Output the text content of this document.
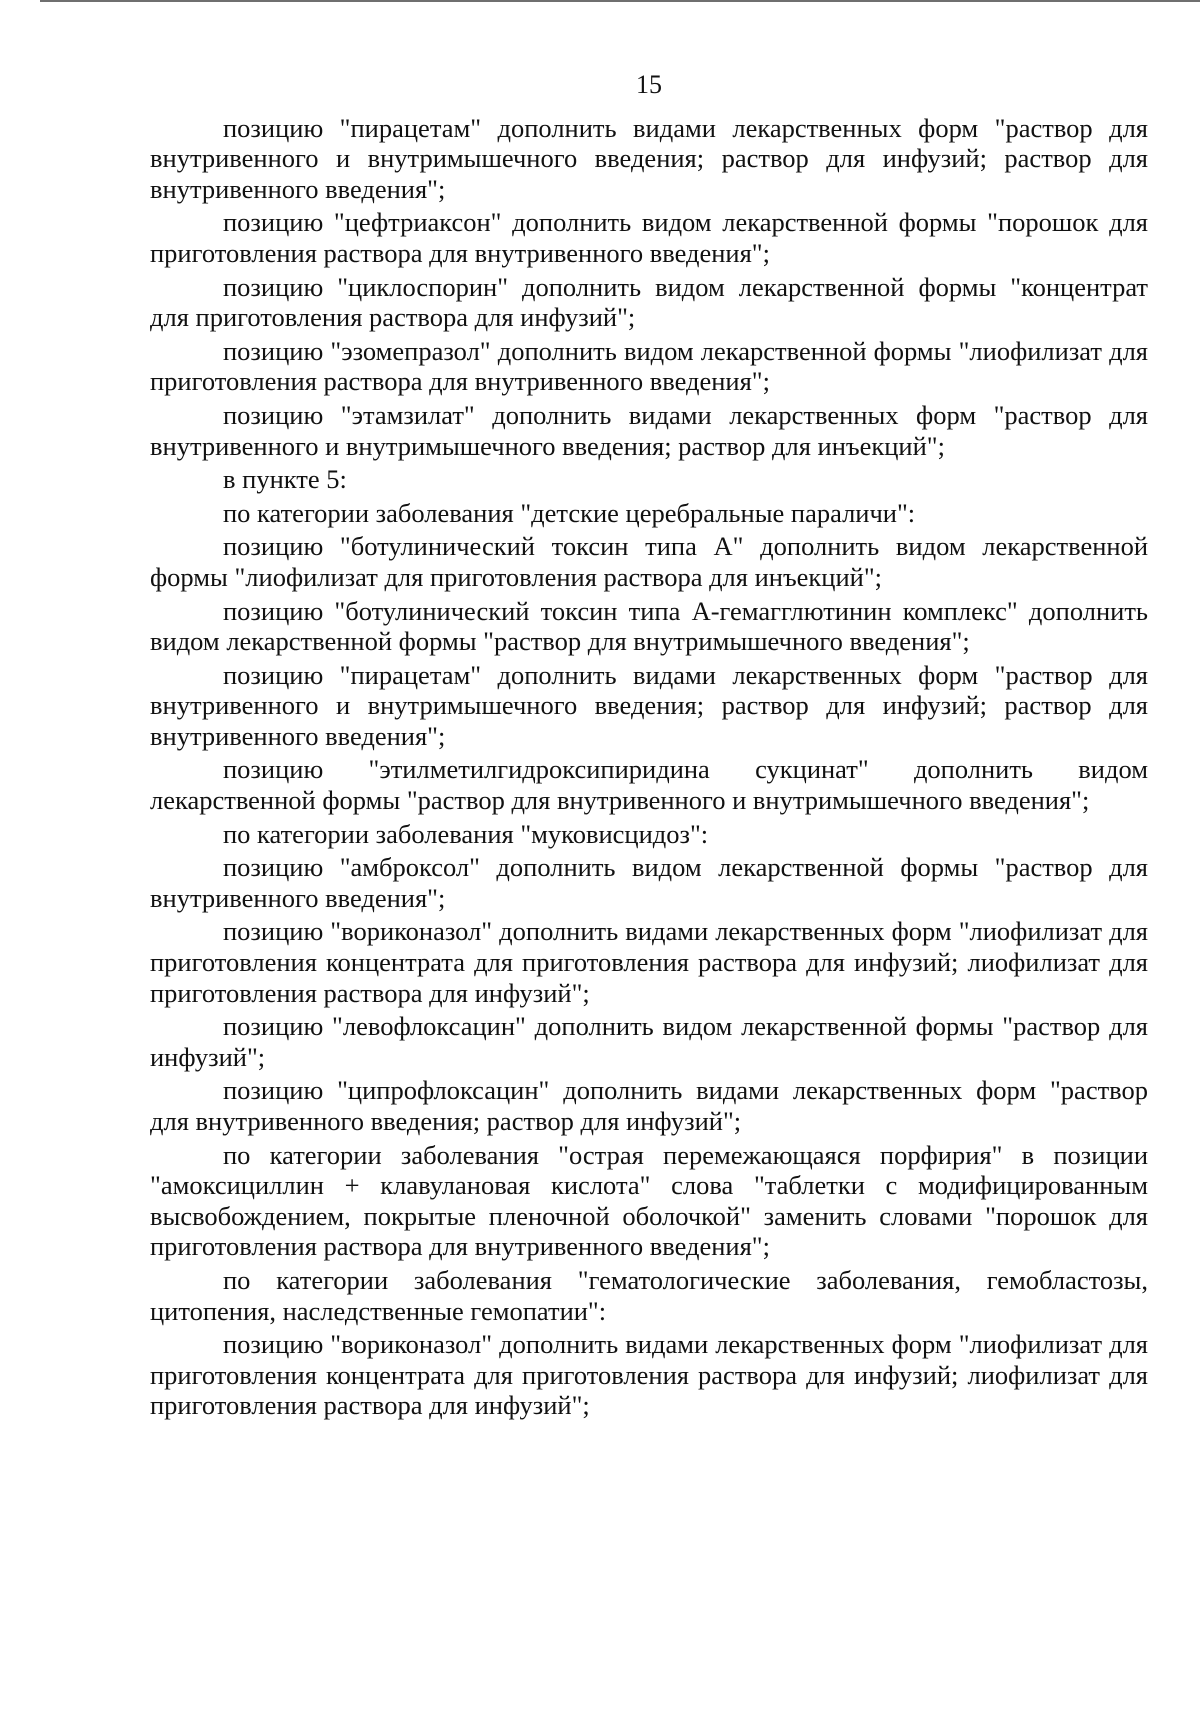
15

позицию "пирацетам" дополнить видами лекарственных форм "раствор для внутривенного и внутримышечного введения; раствор для инфузий; раствор для внутривенного введения";

позицию "цефтриаксон" дополнить видом лекарственной формы "порошок для приготовления раствора для внутривенного введения";

позицию "циклоспорин" дополнить видом лекарственной формы "концентрат для приготовления раствора для инфузий";

позицию "эзомепразол" дополнить видом лекарственной формы "лиофилизат для приготовления раствора для внутривенного введения";

позицию "этамзилат" дополнить видами лекарственных форм "раствор для внутривенного и внутримышечного введения; раствор для инъекций";

в пункте 5:

по категории заболевания "детские церебральные параличи":

позицию "ботулинический токсин типа А" дополнить видом лекарственной формы "лиофилизат для приготовления раствора для инъекций";

позицию "ботулинический токсин типа А-гемагглютинин комплекс" дополнить видом лекарственной формы "раствор для внутримышечного введения";

позицию "пирацетам" дополнить видами лекарственных форм "раствор для внутривенного и внутримышечного введения; раствор для инфузий; раствор для внутривенного введения";

позицию "этилметилгидроксипиридина сукцинат" дополнить видом лекарственной формы "раствор для внутривенного и внутримышечного введения";

по категории заболевания "муковисцидоз":

позицию "амброксол" дополнить видом лекарственной формы "раствор для внутривенного введения";

позицию "вориконазол" дополнить видами лекарственных форм "лиофилизат для приготовления концентрата для приготовления раствора для инфузий; лиофилизат для приготовления раствора для инфузий";

позицию "левофлоксацин" дополнить видом лекарственной формы "раствор для инфузий";

позицию "ципрофлоксацин" дополнить видами лекарственных форм "раствор для внутривенного введения; раствор для инфузий";

по категории заболевания "острая перемежающаяся порфирия" в позиции "амоксициллин + клавулановая кислота" слова "таблетки с модифицированным высвобождением, покрытые пленочной оболочкой" заменить словами "порошок для приготовления раствора для внутривенного введения";

по категории заболевания "гематологические заболевания, гемобластозы, цитопения, наследственные гемопатии":

позицию "вориконазол" дополнить видами лекарственных форм "лиофилизат для приготовления концентрата для приготовления раствора для инфузий; лиофилизат для приготовления раствора для инфузий";
